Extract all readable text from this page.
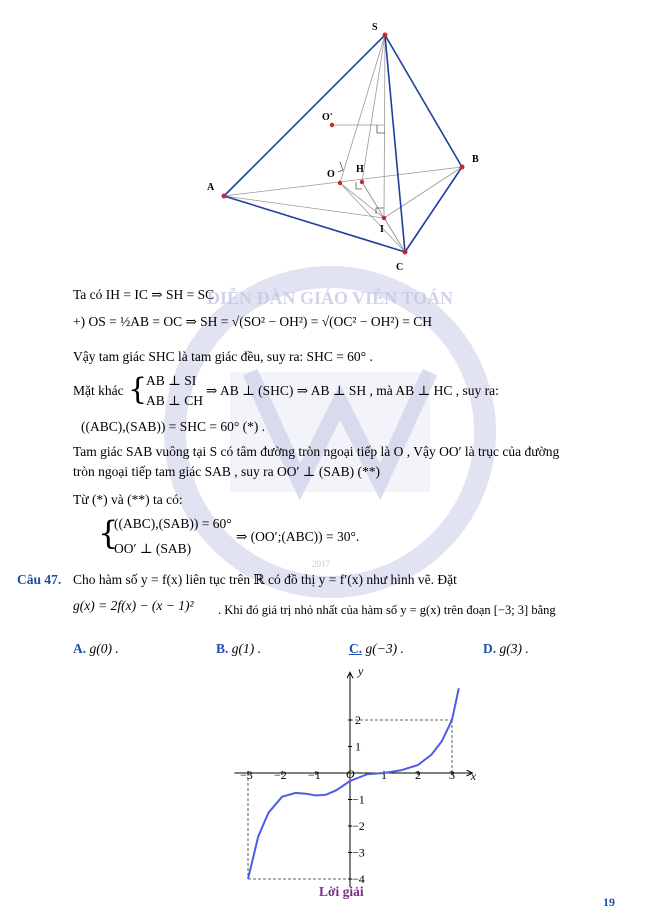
S
A
B
C
O
O'
H
I
DIỄN ĐÀN GIÁO VIÊN TOÁN
2017
Ta có IH = IC ⇒ SH = SC
+) OS = ½AB = OC ⇒ SH = √(SO² − OH²) = √(OC² − OH²) = CH
Vậy tam giác SHC là tam giác đều, suy ra: SHC = 60° .
Mặt khác {
AB ⊥ SI
AB ⊥ CH
⇒ AB ⊥ (SHC) ⇒ AB ⊥ SH , mà AB ⊥ HC , suy ra:
((ABC),(SAB)) = SHC = 60° (*) .
Tam giác SAB vuông tại S có tâm đường tròn ngoại tiếp là O , Vậy OO′ là trục của đường
tròn ngoại tiếp tam giác SAB , suy ra OO′ ⊥ (SAB) (**)
Từ (*) và (**) ta có:
{
((ABC),(SAB)) = 60°
OO′ ⊥ (SAB)
⇒ (OO′;(ABC)) = 30°.
Câu 47. Cho hàm số y = f(x) liên tục trên ℝ có đồ thị y = f′(x) như hình vẽ. Đặt
g(x) = 2f(x) − (x − 1)² . Khi đó giá trị nhỏ nhất của hàm số y = g(x) trên đoạn [−3; 3] bằng
A. g(0) .	B. g(1) .	C. g(−3) .	D. g(3) .
−3 −2 −1	1 2 3
2
1
−1
−2
−3
−4
x
y
O
Lời giải
19
